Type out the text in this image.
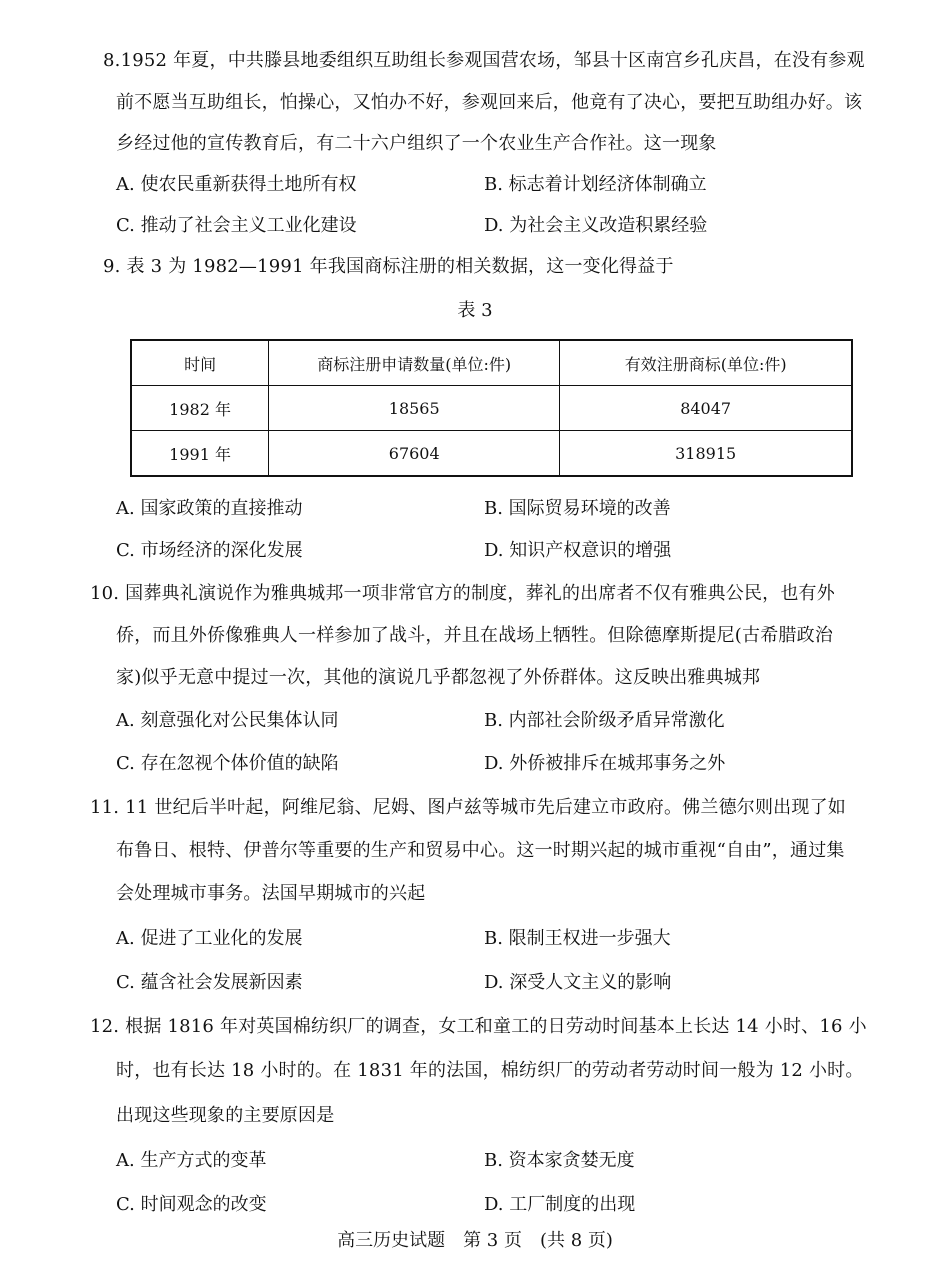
8.1952 年夏，中共滕县地委组织互助组长参观国营农场，邹县十区南宫乡孔庆昌，在没有参观
前不愿当互助组长，怕操心，又怕办不好，参观回来后，他竟有了决心，要把互助组办好。该
乡经过他的宣传教育后，有二十六户组织了一个农业生产合作社。这一现象
A. 使农民重新获得土地所有权	B. 标志着计划经济体制确立
C. 推动了社会主义工业化建设	D. 为社会主义改造积累经验
9. 表 3 为 1982—1991 年我国商标注册的相关数据，这一变化得益于
表 3
时间	商标注册申请数量(单位:件)	有效注册商标(单位:件)
1982 年	18565	84047
1991 年	67604	318915
A. 国家政策的直接推动	B. 国际贸易环境的改善
C. 市场经济的深化发展	D. 知识产权意识的增强
10. 国葬典礼演说作为雅典城邦一项非常官方的制度，葬礼的出席者不仅有雅典公民，也有外
侨，而且外侨像雅典人一样参加了战斗，并且在战场上牺牲。但除德摩斯提尼(古希腊政治
家)似乎无意中提过一次，其他的演说几乎都忽视了外侨群体。这反映出雅典城邦
A. 刻意强化对公民集体认同	B. 内部社会阶级矛盾异常激化
C. 存在忽视个体价值的缺陷	D. 外侨被排斥在城邦事务之外
11. 11 世纪后半叶起，阿维尼翁、尼姆、图卢兹等城市先后建立市政府。佛兰德尔则出现了如
布鲁日、根特、伊普尔等重要的生产和贸易中心。这一时期兴起的城市重视“自由”，通过集
会处理城市事务。法国早期城市的兴起
A. 促进了工业化的发展	B. 限制王权进一步强大
C. 蕴含社会发展新因素	D. 深受人文主义的影响
12. 根据 1816 年对英国棉纺织厂的调查，女工和童工的日劳动时间基本上长达 14 小时、16 小
时，也有长达 18 小时的。在 1831 年的法国，棉纺织厂的劳动者劳动时间一般为 12 小时。
出现这些现象的主要原因是
A. 生产方式的变革	B. 资本家贪婪无度
C. 时间观念的改变	D. 工厂制度的出现
高三历史试题　第 3 页　(共 8 页)
